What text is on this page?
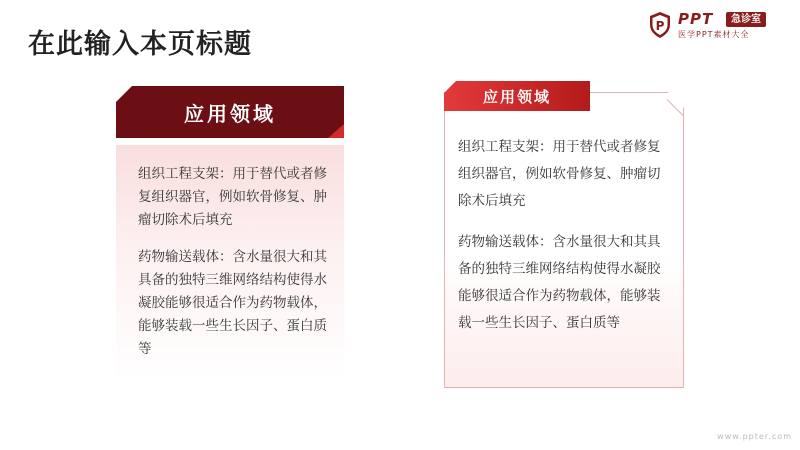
在此输入本页标题
P PPT	急诊室
医学PPT素材大全
应用领域

组织工程支架：用于替代或者修复组织器官，例如软骨修复、肿瘤切除术后填充

药物输送载体：含水量很大和其具备的独特三维网络结构使得水凝胶能够很适合作为药物载体，能够装载一些生长因子、蛋白质等

应用领域

组织工程支架：用于替代或者修复组织器官，例如软骨修复、肿瘤切除术后填充

药物输送载体：含水量很大和其具备的独特三维网络结构使得水凝胶能够很适合作为药物载体，能够装载一些生长因子、蛋白质等

www.ppter.com
